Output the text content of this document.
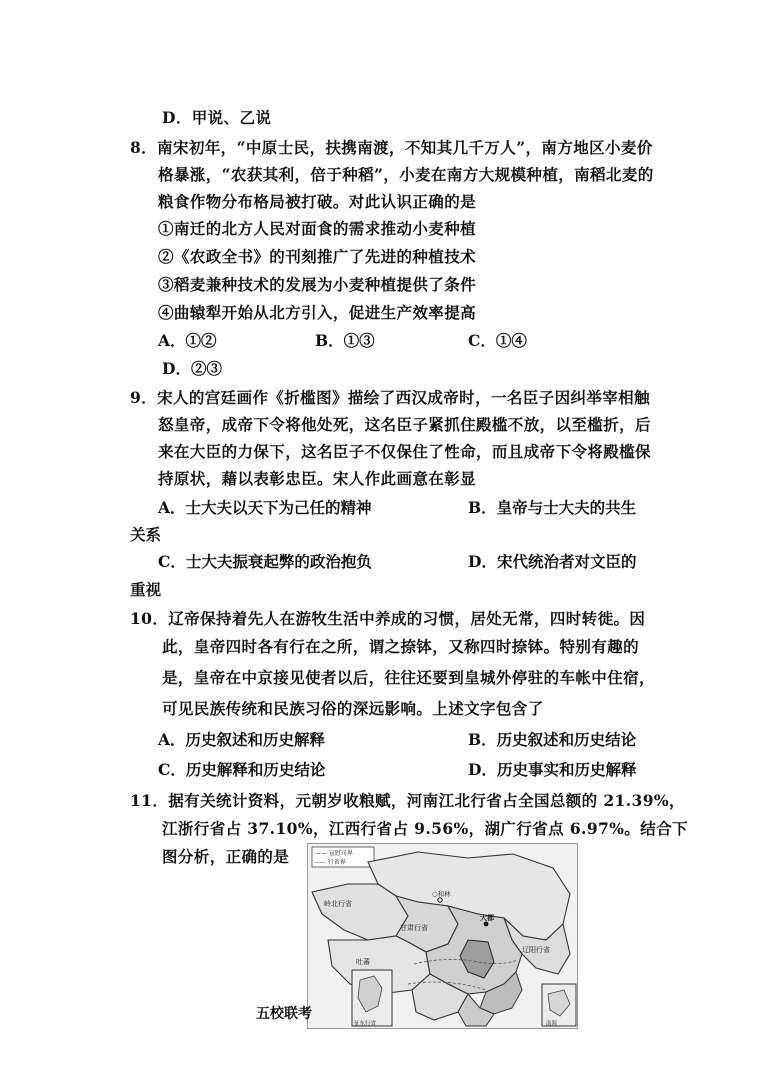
D．甲说、乙说
8．南宋初年，“中原士民，扶携南渡，不知其几千万人”，南方地区小麦价
格暴涨，“农获其利，倍于种稻”，小麦在南方大规模种植，南稻北麦的
粮食作物分布格局被打破。对此认识正确的是
①南迁的北方人民对面食的需求推动小麦种植
②《农政全书》的刊刻推广了先进的种植技术
③稻麦兼种技术的发展为小麦种植提供了条件
④曲辕犁开始从北方引入，促进生产效率提高
A．①②	B．①③	C．①④
D．②③
9．宋人的宫廷画作《折槛图》描绘了西汉成帝时，一名臣子因纠举宰相触
怒皇帝，成帝下令将他处死，这名臣子紧抓住殿槛不放，以至槛折，后
来在大臣的力保下，这名臣子不仅保住了性命，而且成帝下令将殿槛保
持原状，藉以表彰忠臣。宋人作此画意在彰显
A．士大夫以天下为己任的精神	B．皇帝与士大夫的共生
关系
C．士大夫振衰起弊的政治抱负	D．宋代统治者对文臣的
重视
10．辽帝保持着先人在游牧生活中养成的习惯，居处无常，四时转徙。因
此，皇帝四时各有行在之所，谓之捺钵，又称四时捺钵。特别有趣的
是，皇帝在中京接见使者以后，往往还要到皇城外停驻的车帐中住宿，
可见民族传统和民族习俗的深远影响。上述文字包含了
A．历史叙述和历史解释	B．历史叙述和历史结论
C．历史解释和历史结论	D．历史事实和历史解释
11．据有关统计资料，元朝岁收粮赋，河南江北行省占全国总额的 21.39%，
江浙行省占 37.10%，江西行省占 9.56%，湖广行省点 6.97%。结合下
图分析，正确的是	—— 宣慰司界
----- 行省界
岭北行省
辽阳行省
○和林
甘肃行省
大都
吐蕃
征东行省	南海
五校联考
